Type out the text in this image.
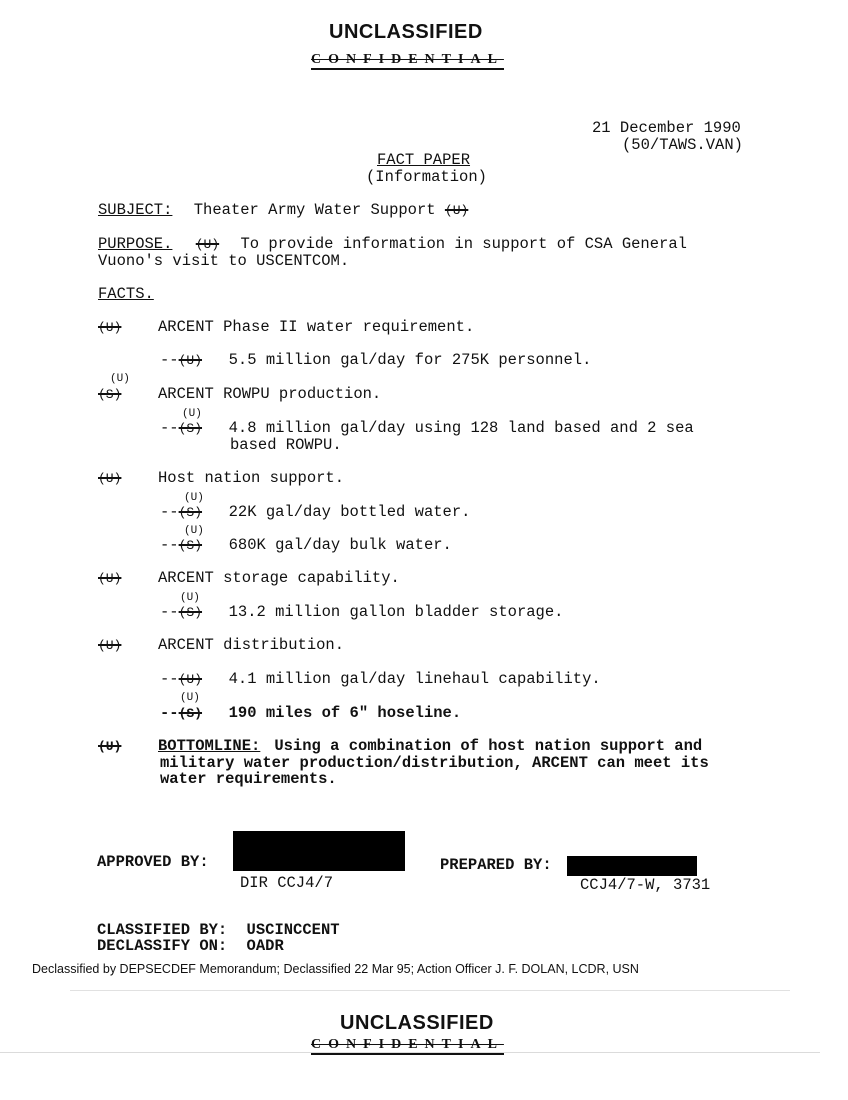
UNCLASSIFIED
CONFIDENTIAL
21 December 1990
(50/TAWS.VAN)
FACT PAPER
(Information)
SUBJECT: Theater Army Water Support (U)
PURPOSE. (U) To provide information in support of CSA General
Vuono's visit to USCENTCOM.
FACTS.
(U) ARCENT Phase II water requirement.
--(U) 5.5 million gal/day for 275K personnel.
(U)
(S) ARCENT ROWPU production.
(U)
--(S) 4.8 million gal/day using 128 land based and 2 sea
based ROWPU.
(U) Host nation support.
(U)
--(S) 22K gal/day bottled water.
(U)
--(S) 680K gal/day bulk water.
(U) ARCENT storage capability.
(U)
--(S) 13.2 million gallon bladder storage.
(U) ARCENT distribution.
--(U) 4.1 million gal/day linehaul capability.
(U)
--(S) 190 miles of 6" hoseline.
(U) BOTTOMLINE: Using a combination of host nation support and
military water production/distribution, ARCENT can meet its
water requirements.
APPROVED BY:
DIR CCJ4/7
PREPARED BY:
CCJ4/7-W, 3731
CLASSIFIED BY: USCINCCENT
DECLASSIFY ON: OADR
Declassified by DEPSECDEF Memorandum; Declassified 22 Mar 95; Action Officer J. F. DOLAN, LCDR, USN
UNCLASSIFIED
CONFIDENTIAL
